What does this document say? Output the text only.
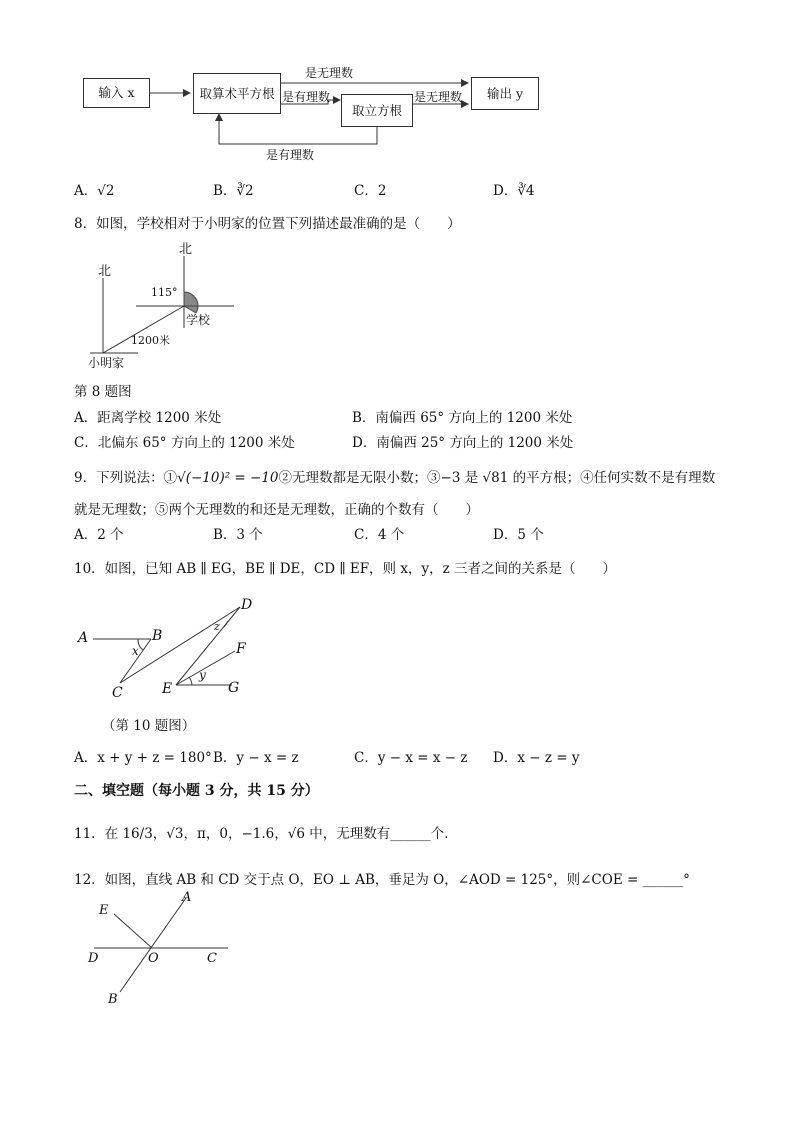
输入 x	取算术平方根
取立方根
输出 y
是无理数
是有理数	是无理数
是有理数
A．√2	B．∛2	C．2	D．∛4
8．如图，学校相对于小明家的位置下列描述最准确的是（　　）
北
北
115°
学校
1200米
小明家
第 8 题图
A．距离学校 1200 米处	B．南偏西 65° 方向上的 1200 米处
C．北偏东 65° 方向上的 1200 米处	D．南偏西 25° 方向上的 1200 米处
9．下列说法：①√(−10)² = −10②无理数都是无限小数；③−3 是 √81 的平方根；④任何实数不是有理数
就是无理数；⑤两个无理数的和还是无理数，正确的个数有（　　）
A．2 个	B．3 个	C．4 个	D．5 个
10．如图，已知 AB ∥ EG，BE ∥ DE，CD ∥ EF，则 x，y，z 三者之间的关系是（　　）
A	B
C
D
E
F
G
x
y
z
（第 10 题图）
A．x + y + z = 180° B．y − x = z	C．y − x = x − z D．x − z = y
二、填空题（每小题 3 分，共 15 分）
11．在 16/3，√3，π，0，−1.6，√6 中，无理数有______个．
12．如图，直线 AB 和 CD 交于点 O，EO ⊥ AB，垂足为 O，∠AOD = 125°，则∠COE = ______°
A
B
C
D
E
O
